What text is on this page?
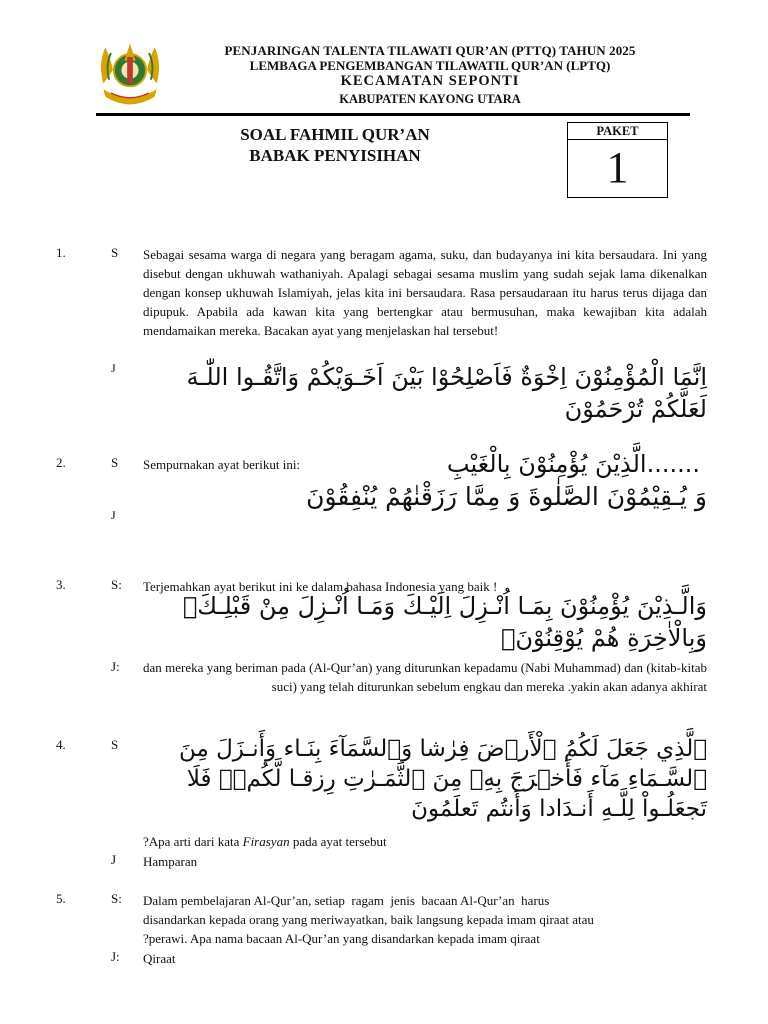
PENJARINGAN TALENTA TILAWATI QUR’AN (PTTQ) TAHUN 2025
LEMBAGA PENGEMBANGAN TILAWATIL QUR’AN (LPTQ)
KECAMATAN SEPONTI
KABUPATEN KAYONG UTARA
SOAL FAHMIL QUR’AN
BABAK PENYISIHAN
PAKET
1
1.	S Sebagai sesama warga di negara yang beragam agama, suku, dan budayanya ini kita bersaudara. Ini yang disebut dengan ukhuwah wathaniyah. Apalagi sebagai sesama muslim yang sudah sejak lama dikenalkan dengan konsep ukhuwah Islamiyah, jelas kita ini bersaudara. Rasa persaudaraan itu harus terus dijaga dan dipupuk. Apabila ada kawan kita yang bertengkar atau bermusuhan, maka kewajiban kita adalah mendamaikan mereka. Bacakan ayat yang menjelaskan hal tersebut!
J	اِنَّمَا الْمُؤْمِنُوْنَ اِخْوَةٌ فَاَصْلِحُوْا بَيْنَ اَخَـوَيْكُمْ وَاتَّقُـوا اللّٰـهَ لَعَلَّكُمْ تُرْحَمُوْنَ
2.	S Sempurnakan ayat berikut ini:	الَّذِيْنَ يُؤْمِنُوْنَ بِالْغَيْبِ.......
J
وَ يُـقِيْمُوْنَ الصَّلٰوةَ وَ مِمَّا رَزَقْنٰهُمْ يُنْفِقُوْنَ
3.	S: Terjemahkan ayat berikut ini ke dalam bahasa Indonesia yang baik !
وَالَّـذِيْنَ يُؤْمِنُوْنَ بِمَـا اُنْـزِلَ اِلَيْـكَ وَمَـا اُنْـزِلَ مِنْ قَبْلِـكَۚ وَبِالْاٰخِرَةِ هُمْ يُوْقِنُوْنَۗ
J: dan mereka yang beriman pada (Al-Qur’an) yang diturunkan kepadamu (Nabi Muhammad) dan (kitab-kitab suci) yang telah diturunkan sebelum engkau dan mereka .yakin akan adanya akhirat
4.	S	ٱلَّذِي جَعَلَ لَكُمُ ٱلْأَرۡضَ فِرٰشا وَٱلسَّمَآءَ بِنَـاء وَأَنـزَلَ مِنَ ٱلسَّـمَاءِ مَآء فَأَخۡرَجَ بِهِۦ مِنَ ٱلثَّمَـرٰتِ رِزقـا لَّكُمۡۖ فَلَا تَجعَلُـواْ لِلَّـهِ أَنـدَادا وَأَنتُم تَعلَمُونَ
?Apa arti dari kata Firasyan pada ayat tersebut
J Hamparan
5.	S: Dalam pembelajaran Al-Qur’an, setiap  ragam  jenis  bacaan Al-Qur’an  harus
disandarkan kepada orang yang meriwayatkan, baik langsung kepada imam qiraat atau
?perawi. Apa nama bacaan Al-Qur’an yang disandarkan kepada imam qiraat
J: Qiraat
